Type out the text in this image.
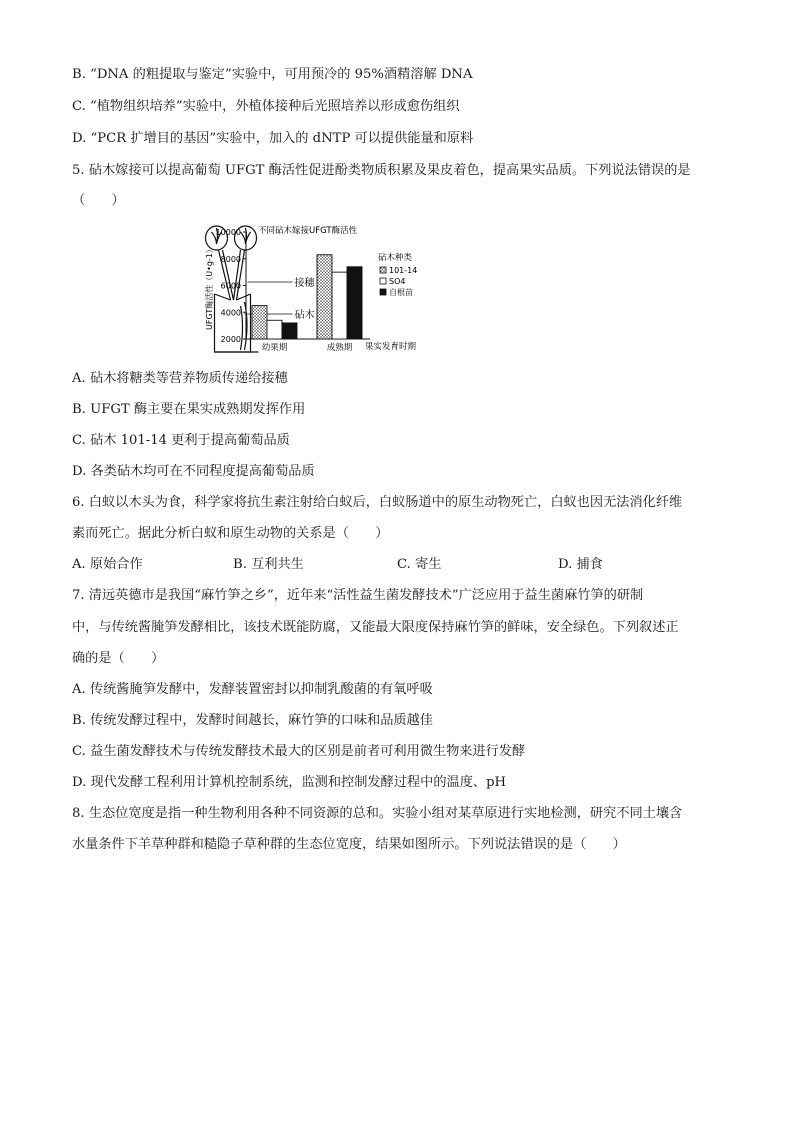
B. “DNA 的粗提取与鉴定”实验中，可用预冷的 95%酒精溶解 DNA
C. “植物组织培养”实验中，外植体接种后光照培养以形成愈伤组织
D. “PCR 扩增目的基因”实验中，加入的 dNTP 可以提供能量和原料
5. 砧木嫁接可以提高葡萄 UFGT 酶活性促进酚类物质积累及果皮着色，提高果实品质。下列说法错误的是
（　　）
接穗
砧木
不同砧木嫁接UFGT酶活性
UFGT酶活性（U•g-1）
果实发育时期
砧木种类
10000
8000
6000
4000
2000
幼果期	成熟期
101-14
SO4
自根苗
A. 砧木将糖类等营养物质传递给接穗
B. UFGT 酶主要在果实成熟期发挥作用
C. 砧木 101-14 更利于提高葡萄品质
D. 各类砧木均可在不同程度提高葡萄品质
6. 白蚁以木头为食，科学家将抗生素注射给白蚁后，白蚁肠道中的原生动物死亡，白蚁也因无法消化纤维
素而死亡。据此分析白蚁和原生动物的关系是（　　）
A. 原始合作	B. 互利共生	C. 寄生	D. 捕食
7. 清远英德市是我国“麻竹笋之乡”，近年来“活性益生菌发酵技术”广泛应用于益生菌麻竹笋的研制
中，与传统酱腌笋发酵相比，该技术既能防腐，又能最大限度保持麻竹笋的鲜味，安全绿色。下列叙述正
确的是（　　）
A. 传统酱腌笋发酵中，发酵装置密封以抑制乳酸菌的有氧呼吸
B. 传统发酵过程中，发酵时间越长，麻竹笋的口味和品质越佳
C. 益生菌发酵技术与传统发酵技术最大的区别是前者可利用微生物来进行发酵
D. 现代发酵工程利用计算机控制系统，监测和控制发酵过程中的温度、pH
8. 生态位宽度是指一种生物利用各种不同资源的总和。实验小组对某草原进行实地检测，研究不同土壤含
水量条件下羊草种群和糙隐子草种群的生态位宽度，结果如图所示。下列说法错误的是（　　）
